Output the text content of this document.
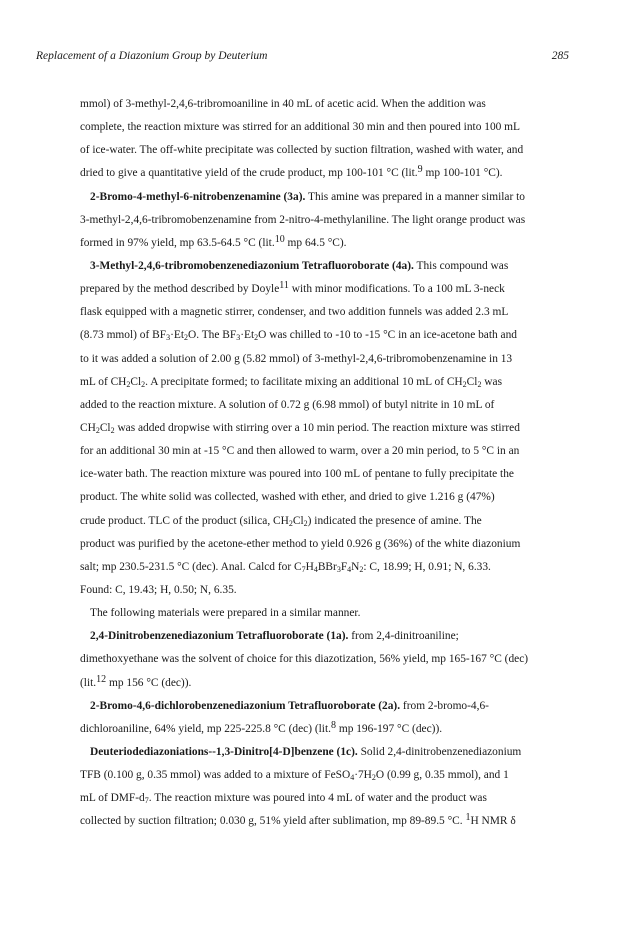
Replacement of a Diazonium Group by Deuterium	285
mmol) of 3-methyl-2,4,6-tribromoaniline in 40 mL of acetic acid. When the addition was
complete, the reaction mixture was stirred for an additional 30 min and then poured into 100 mL
of ice-water. The off-white precipitate was collected by suction filtration, washed with water, and
dried to give a quantitative yield of the crude product, mp 100-101 °C (lit.$^9$ mp 100-101 °C).
2-Bromo-4-methyl-6-nitrobenzenamine (3a). This amine was prepared in a manner similar to
3-methyl-2,4,6-tribromobenzenamine from 2-nitro-4-methylaniline. The light orange product was
formed in 97% yield, mp 63.5-64.5 °C (lit.$^{10}$ mp 64.5 °C).
3-Methyl-2,4,6-tribromobenzenediazonium Tetrafluoroborate (4a). This compound was
prepared by the method described by Doyle$^{11}$ with minor modifications. To a 100 mL 3-neck
flask equipped with a magnetic stirrer, condenser, and two addition funnels was added 2.3 mL
(8.73 mmol) of $BF_3\cdot Et_2O$. The $BF_3\cdot Et_2O$ was chilled to -10 to -15 °C in an ice-acetone bath and
to it was added a solution of 2.00 g (5.82 mmol) of 3-methyl-2,4,6-tribromobenzenamine in 13
mL of $CH_2Cl_2$. A precipitate formed; to facilitate mixing an additional 10 mL of $CH_2Cl_2$ was
added to the reaction mixture. A solution of 0.72 g (6.98 mmol) of butyl nitrite in 10 mL of
$CH_2Cl_2$ was added dropwise with stirring over a 10 min period. The reaction mixture was stirred
for an additional 30 min at -15 °C and then allowed to warm, over a 20 min period, to 5 °C in an
ice-water bath. The reaction mixture was poured into 100 mL of pentane to fully precipitate the
product. The white solid was collected, washed with ether, and dried to give 1.216 g (47%)
crude product. TLC of the product (silica, $CH_2Cl_2$) indicated the presence of amine. The
product was purified by the acetone-ether method to yield 0.926 g (36%) of the white diazonium
salt; mp 230.5-231.5 °C (dec). Anal. Calcd for $C_7H_4BBr_3F_4N_2$: C, 18.99; H, 0.91; N, 6.33.
Found: C, 19.43; H, 0.50; N, 6.35.
The following materials were prepared in a similar manner.
2,4-Dinitrobenzenediazonium Tetrafluoroborate (1a). from 2,4-dinitroaniline;
dimethoxyethane was the solvent of choice for this diazotization, 56% yield, mp 165-167 °C (dec)
(lit.$^{12}$ mp 156 °C (dec)).
2-Bromo-4,6-dichlorobenzenediazonium Tetrafluoroborate (2a). from 2-bromo-4,6-
dichloroaniline, 64% yield, mp 225-225.8 °C (dec) (lit.$^8$ mp 196-197 °C (dec)).
Deuteriodediazoniations--1,3-Dinitro[4-D]benzene (1c). Solid 2,4-dinitrobenzenediazonium
TFB (0.100 g, 0.35 mmol) was added to a mixture of $FeSO_4\cdot 7H_2O$ (0.99 g, 0.35 mmol), and 1
mL of DMF-$d_7$. The reaction mixture was poured into 4 mL of water and the product was
collected by suction filtration; 0.030 g, 51% yield after sublimation, mp 89-89.5 °C. $^1$H NMR δ
